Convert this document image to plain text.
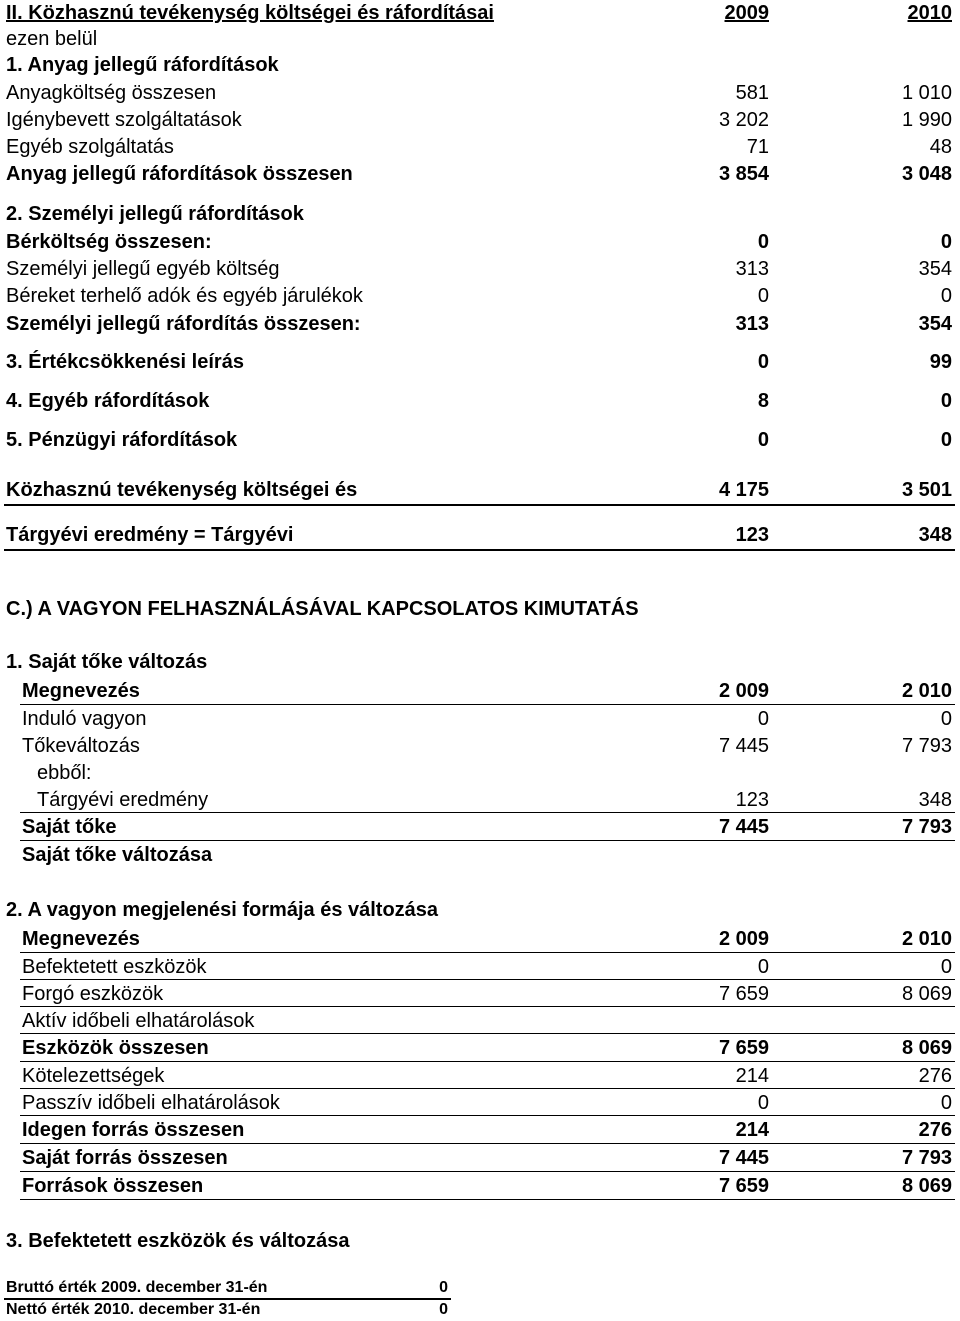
II. Közhasznú tevékenység költségei és ráfordításai	2009	2010
ezen belül
1. Anyag jellegű ráfordítások
Anyagköltség összesen	581	1 010
Igénybevett szolgáltatások	3 202	1 990
Egyéb szolgáltatás	71	48
Anyag jellegű ráfordítások összesen	3 854	3 048
2. Személyi jellegű ráfordítások
Bérköltség összesen:	0	0
Személyi jellegű egyéb költség	313	354
Béreket terhelő adók és egyéb járulékok	0	0
Személyi jellegű ráfordítás összesen:	313	354
3. Értékcsökkenési leírás	0	99
4. Egyéb ráfordítások	8	0
5. Pénzügyi ráfordítások	0	0
Közhasznú tevékenység költségei és	4 175	3 501
Tárgyévi eredmény = Tárgyévi	123	348
C.) A VAGYON FELHASZNÁLÁSÁVAL KAPCSOLATOS KIMUTATÁS
1. Saját tőke változás
Megnevezés	2 009	2 010
Induló vagyon	0	0
Tőkeváltozás	7 445	7 793
ebből:
Tárgyévi eredmény	123	348
Saját tőke	7 445	7 793
Saját tőke változása
2. A vagyon megjelenési formája és változása
Megnevezés	2 009	2 010
Befektetett eszközök	0	0
Forgó eszközök	7 659	8 069
Aktív időbeli elhatárolások
Eszközök összesen	7 659	8 069
Kötelezettségek	214	276
Passzív időbeli elhatárolások	0	0
Idegen forrás összesen	214	276
Saját forrás összesen	7 445	7 793
Források összesen	7 659	8 069
3. Befektetett eszközök és változása
Bruttó érték 2009. december 31-én	0
Nettó érték 2010. december 31-én	0
